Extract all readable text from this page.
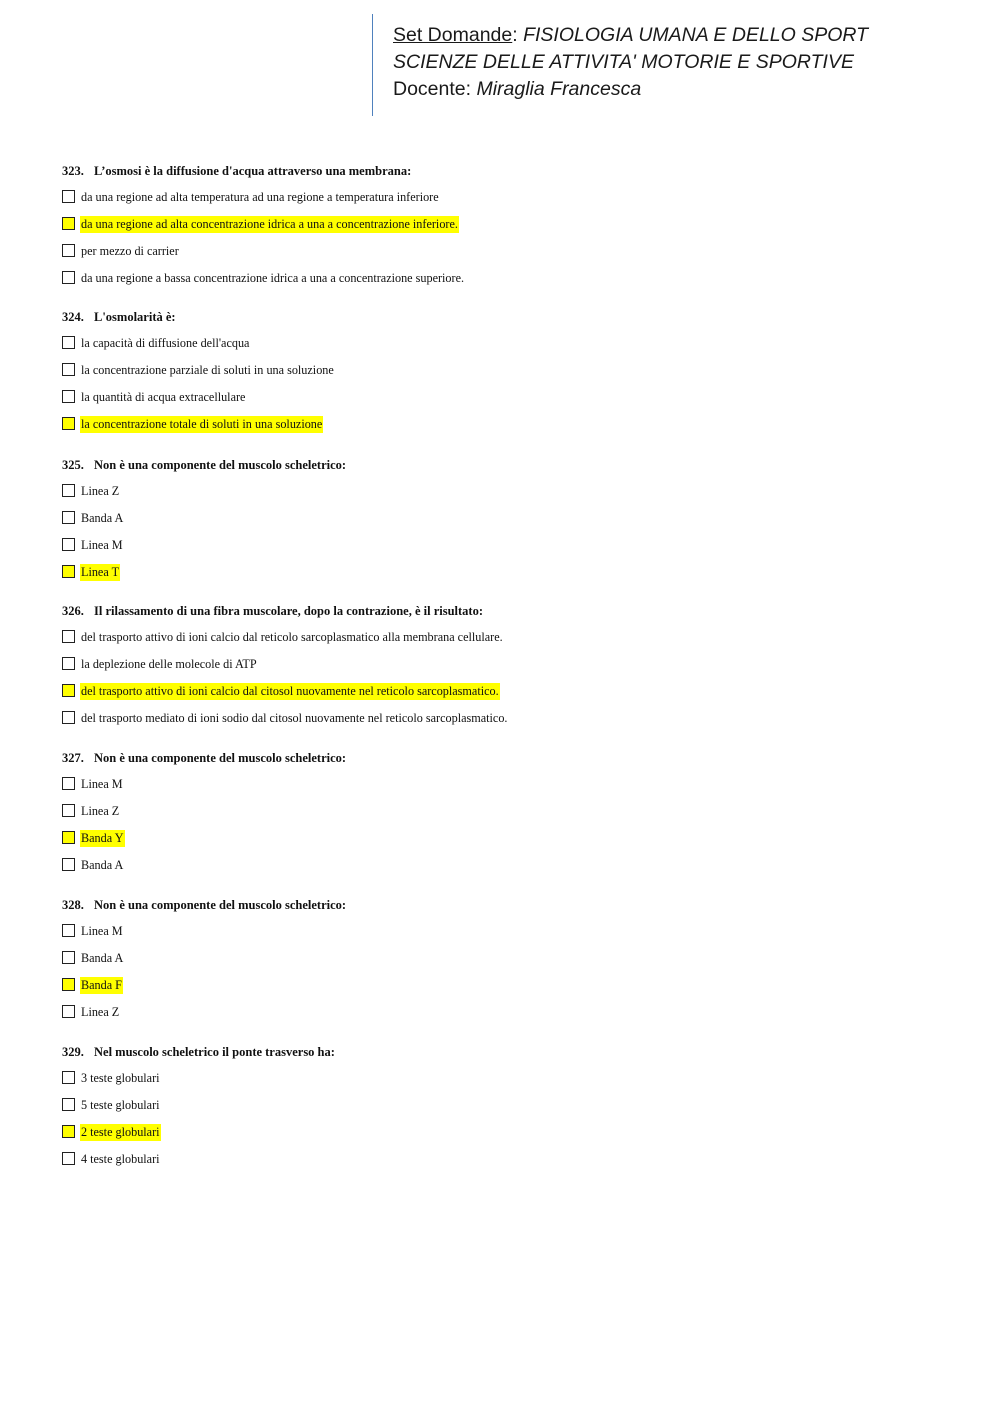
Set Domande: FISIOLOGIA UMANA E DELLO SPORT
SCIENZE DELLE ATTIVITA' MOTORIE E SPORTIVE
Docente: Miraglia Francesca
323. L’osmosi è la diffusione d'acqua attraverso una membrana:
da una regione ad alta temperatura ad una regione a temperatura inferiore
da una regione ad alta concentrazione idrica a una a concentrazione inferiore.
per mezzo di carrier
da una regione a bassa concentrazione idrica a una a concentrazione superiore.
324. L'osmolarità è:
la capacità di diffusione dell'acqua
la concentrazione parziale di soluti in una soluzione
la quantità di acqua extracellulare
la concentrazione totale di soluti in una soluzione
325. Non è una componente del muscolo scheletrico:
Linea Z
Banda A
Linea M
Linea T
326. Il rilassamento di una fibra muscolare, dopo la contrazione, è il risultato:
del trasporto attivo di ioni calcio dal reticolo sarcoplasmatico alla membrana cellulare.
la deplezione delle molecole di ATP
del trasporto attivo di ioni calcio dal citosol nuovamente nel reticolo sarcoplasmatico.
del trasporto mediato di ioni sodio dal citosol nuovamente nel reticolo sarcoplasmatico.
327. Non è una componente del muscolo scheletrico:
Linea M
Linea Z
Banda Y
Banda A
328. Non è una componente del muscolo scheletrico:
Linea M
Banda A
Banda F
Linea Z
329. Nel muscolo scheletrico il ponte trasverso ha:
3 teste globulari
5 teste globulari
2 teste globulari
4 teste globulari
